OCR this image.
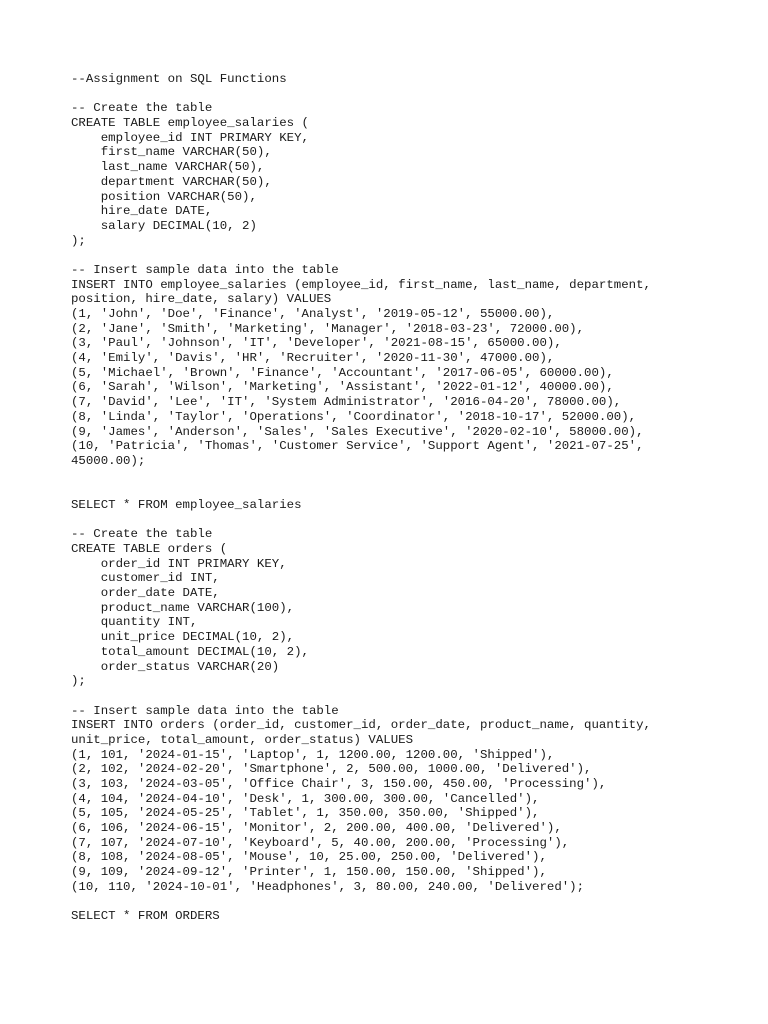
--Assignment on SQL Functions
-- Create the table
CREATE TABLE employee_salaries (
employee_id INT PRIMARY KEY,
first_name VARCHAR(50),
last_name VARCHAR(50),
department VARCHAR(50),
position VARCHAR(50),
hire_date DATE,
salary DECIMAL(10, 2)
);
-- Insert sample data into the table
INSERT INTO employee_salaries (employee_id, first_name, last_name, department,
position, hire_date, salary) VALUES
(1, 'John', 'Doe', 'Finance', 'Analyst', '2019-05-12', 55000.00),
(2, 'Jane', 'Smith', 'Marketing', 'Manager', '2018-03-23', 72000.00),
(3, 'Paul', 'Johnson', 'IT', 'Developer', '2021-08-15', 65000.00),
(4, 'Emily', 'Davis', 'HR', 'Recruiter', '2020-11-30', 47000.00),
(5, 'Michael', 'Brown', 'Finance', 'Accountant', '2017-06-05', 60000.00),
(6, 'Sarah', 'Wilson', 'Marketing', 'Assistant', '2022-01-12', 40000.00),
(7, 'David', 'Lee', 'IT', 'System Administrator', '2016-04-20', 78000.00),
(8, 'Linda', 'Taylor', 'Operations', 'Coordinator', '2018-10-17', 52000.00),
(9, 'James', 'Anderson', 'Sales', 'Sales Executive', '2020-02-10', 58000.00),
(10, 'Patricia', 'Thomas', 'Customer Service', 'Support Agent', '2021-07-25',
45000.00);
SELECT * FROM employee_salaries
-- Create the table
CREATE TABLE orders (
order_id INT PRIMARY KEY,
customer_id INT,
order_date DATE,
product_name VARCHAR(100),
quantity INT,
unit_price DECIMAL(10, 2),
total_amount DECIMAL(10, 2),
order_status VARCHAR(20)
);
-- Insert sample data into the table
INSERT INTO orders (order_id, customer_id, order_date, product_name, quantity,
unit_price, total_amount, order_status) VALUES
(1, 101, '2024-01-15', 'Laptop', 1, 1200.00, 1200.00, 'Shipped'),
(2, 102, '2024-02-20', 'Smartphone', 2, 500.00, 1000.00, 'Delivered'),
(3, 103, '2024-03-05', 'Office Chair', 3, 150.00, 450.00, 'Processing'),
(4, 104, '2024-04-10', 'Desk', 1, 300.00, 300.00, 'Cancelled'),
(5, 105, '2024-05-25', 'Tablet', 1, 350.00, 350.00, 'Shipped'),
(6, 106, '2024-06-15', 'Monitor', 2, 200.00, 400.00, 'Delivered'),
(7, 107, '2024-07-10', 'Keyboard', 5, 40.00, 200.00, 'Processing'),
(8, 108, '2024-08-05', 'Mouse', 10, 25.00, 250.00, 'Delivered'),
(9, 109, '2024-09-12', 'Printer', 1, 150.00, 150.00, 'Shipped'),
(10, 110, '2024-10-01', 'Headphones', 3, 80.00, 240.00, 'Delivered');
SELECT * FROM ORDERS
